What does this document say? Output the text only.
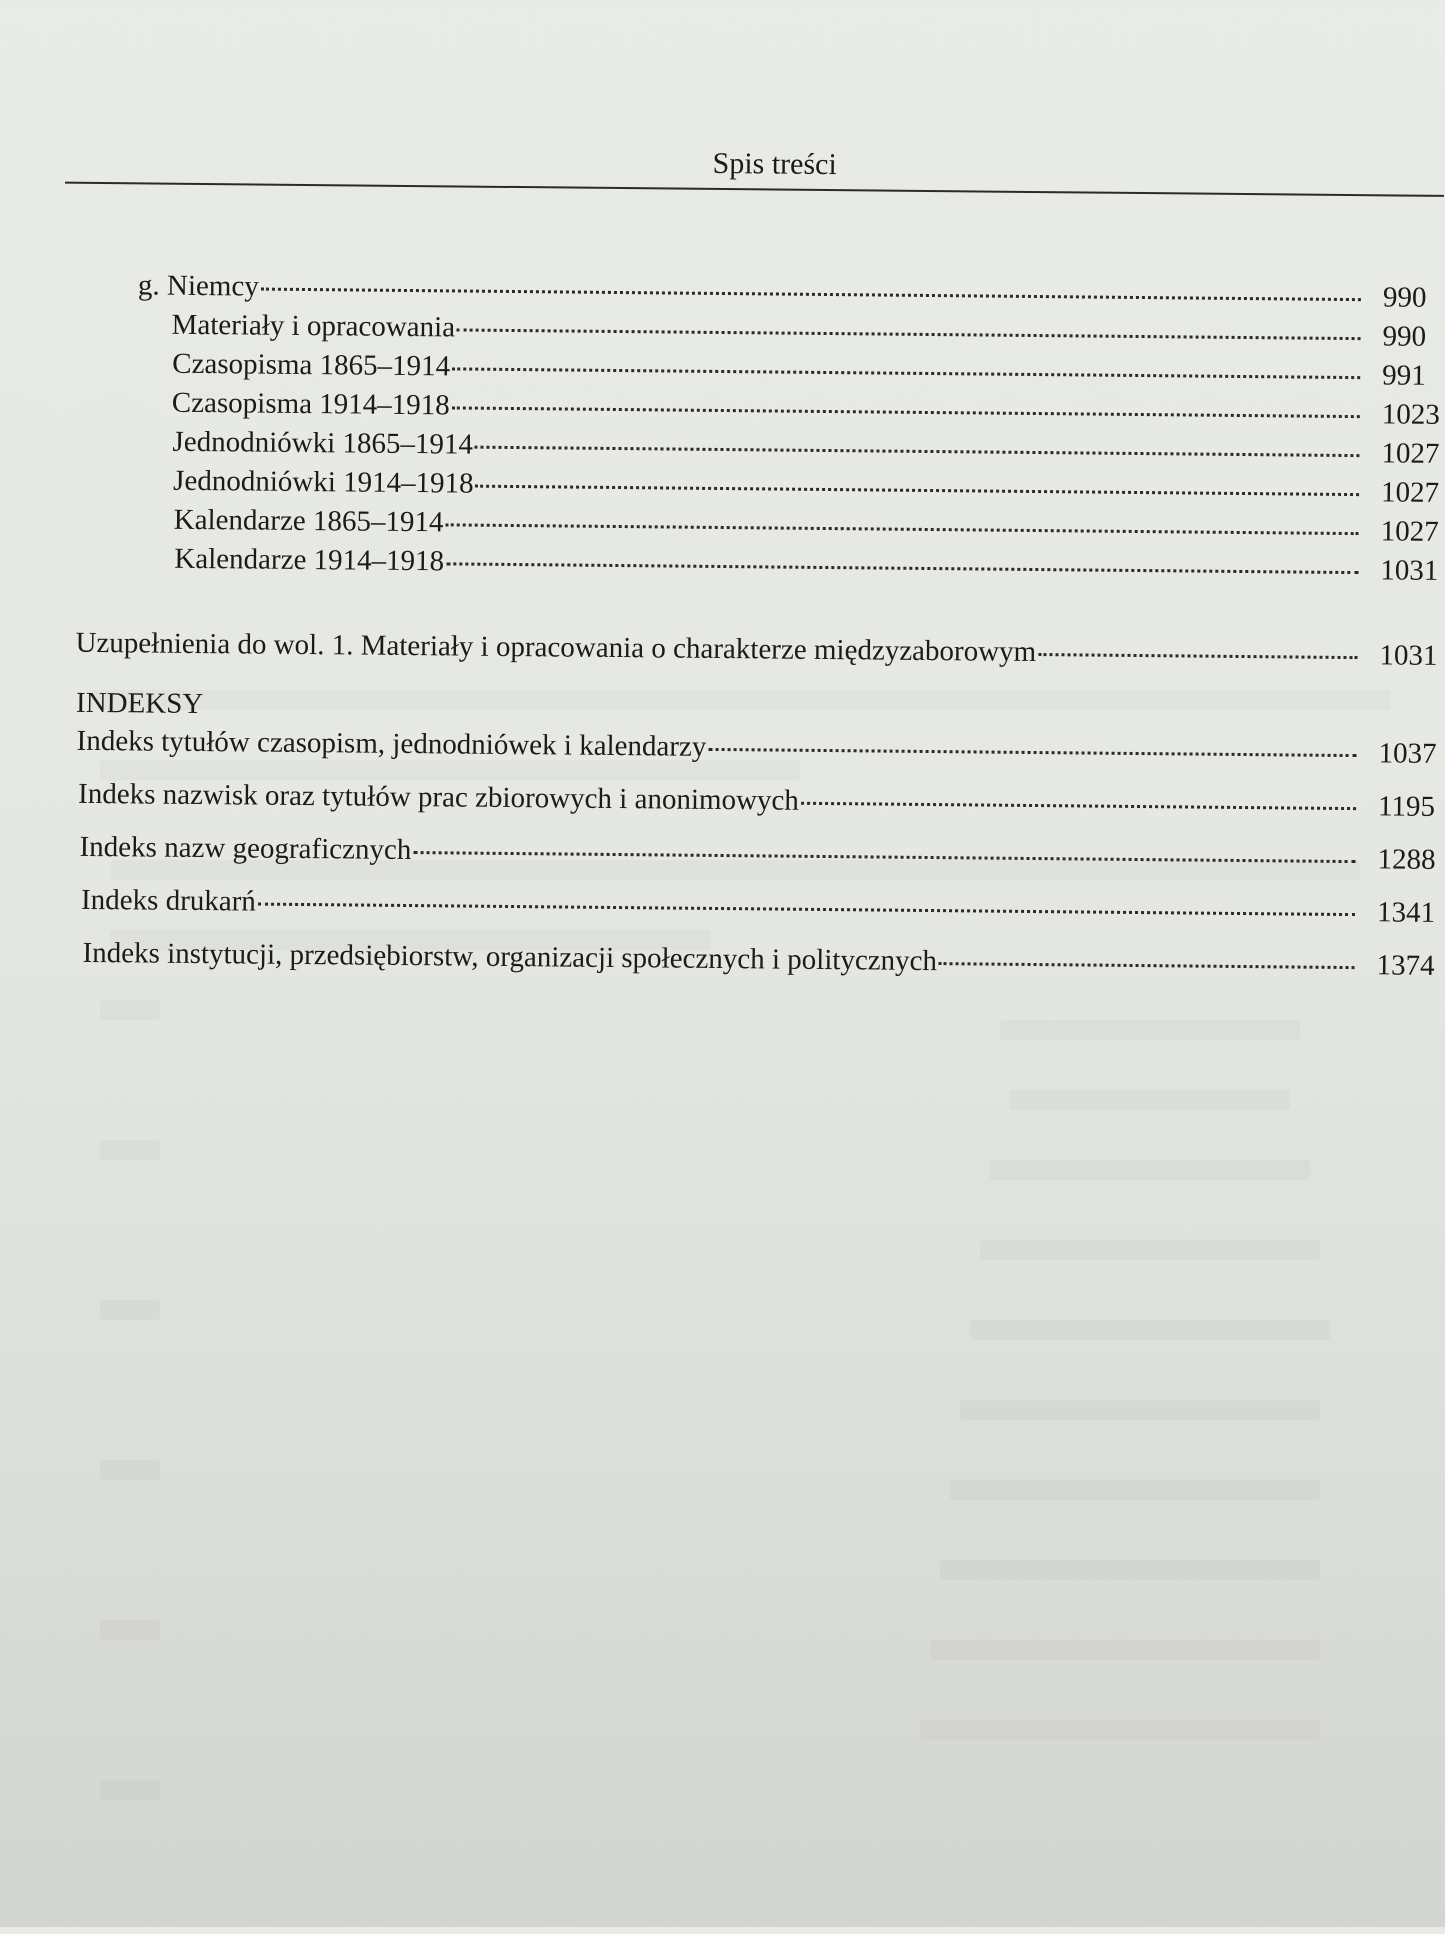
Spis treści
g. Niemcy	990
Materiały i opracowania	990
Czasopisma 1865–1914	991
Czasopisma 1914–1918	1023
Jednodniówki 1865–1914	1027
Jednodniówki 1914–1918	1027
Kalendarze 1865–1914	1027
Kalendarze 1914–1918	1031
Uzupełnienia do wol. 1. Materiały i opracowania o charakterze międzyzaborowym	1031
INDEKSY
Indeks tytułów czasopism, jednodniówek i kalendarzy	1037
Indeks nazwisk oraz tytułów prac zbiorowych i anonimowych	1195
Indeks nazw geograficznych	1288
Indeks drukarń	1341
Indeks instytucji, przedsiębiorstw, organizacji społecznych i politycznych	1374
